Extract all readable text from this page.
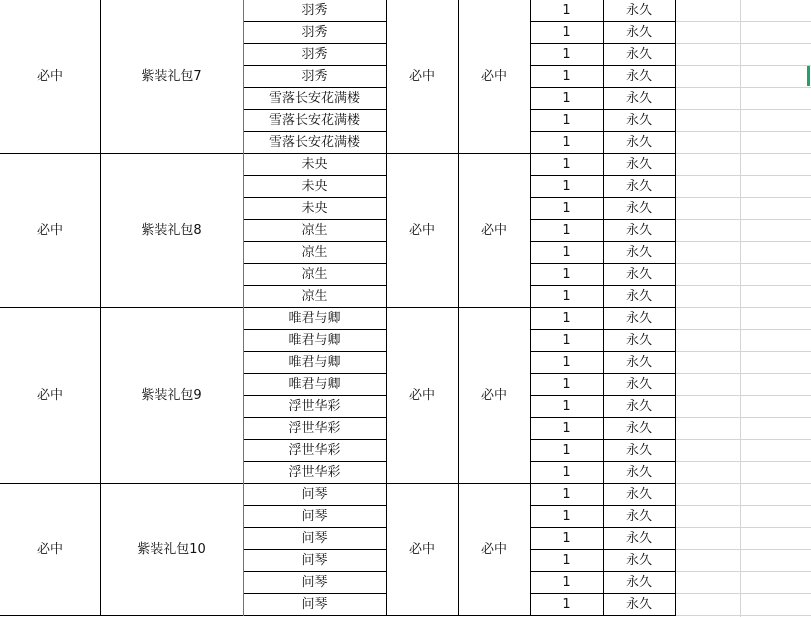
羽秀	1	永久
羽秀	1	永久
羽秀	1	永久
羽秀	1	永久
雪落长安花满楼	1	永久
雪落长安花满楼	1	永久
雪落长安花满楼	1	永久
必中	紫装礼包7	必中	必中
未央	1	永久
未央	1	永久
未央	1	永久
凉生	1	永久
凉生	1	永久
凉生	1	永久
凉生	1	永久
必中	紫装礼包8	必中	必中
唯君与卿	1	永久
唯君与卿	1	永久
唯君与卿	1	永久
唯君与卿	1	永久
浮世华彩	1	永久
浮世华彩	1	永久
浮世华彩	1	永久
浮世华彩	1	永久
必中	紫装礼包9	必中	必中
问琴	1	永久
问琴	1	永久
问琴	1	永久
问琴	1	永久
问琴	1	永久
问琴	1	永久
必中	紫装礼包10	必中	必中
